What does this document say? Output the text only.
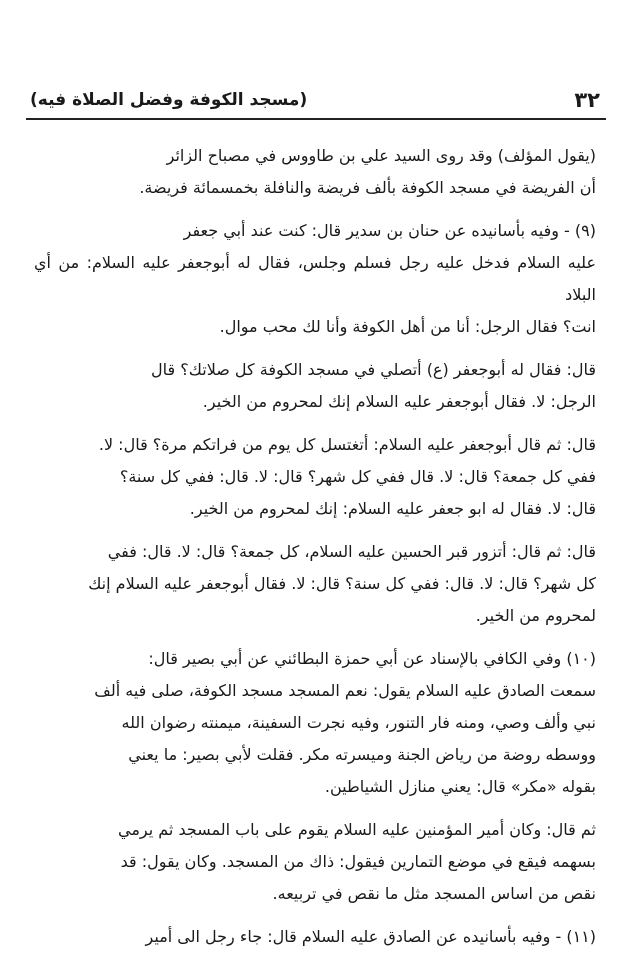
٣٢
(مسجد الكوفة وفضل الصلاة فيه)

(يقول المؤلف) وقد روى السيد علي بن طاووس في مصباح الزائر
أن الفريضة في مسجد الكوفة بألف فريضة والنافلة بخمسمائة فريضة.

(٩) - وفيه بأسانيده عن حنان بن سدير قال: كنت عند أبي جعفر
عليه السلام فدخل عليه رجل فسلم وجلس، فقال له أبوجعفر عليه السلام: من أي البلاد
انت؟ فقال الرجل: أنا من أهل الكوفة وأنا لك محب موال.

قال: فقال له أبوجعفر (ع) أتصلي في مسجد الكوفة كل صلاتك؟ قال
الرجل: لا. فقال أبوجعفر عليه السلام إنك لمحروم من الخير.

قال: ثم قال أبوجعفر عليه السلام: أتغتسل كل يوم من فراتكم مرة؟ قال: لا.
ففي كل جمعة؟ قال: لا. قال ففي كل شهر؟ قال: لا. قال: ففي كل سنة؟
قال: لا. فقال له ابو جعفر عليه السلام: إنك لمحروم من الخير.

قال: ثم قال: أتزور قبر الحسين عليه السلام، كل جمعة؟ قال: لا. قال: ففي
كل شهر؟ قال: لا. قال: ففي كل سنة؟ قال: لا. فقال أبوجعفر عليه السلام إنك
لمحروم من الخير.

(١٠) وفي الكافي بالإسناد عن أبي حمزة البطائني عن أبي بصير قال:
سمعت الصادق عليه السلام يقول: نعم المسجد مسجد الكوفة، صلى فيه ألف
نبي وألف وصي، ومنه فار التنور، وفيه نجرت السفينة، ميمنته رضوان الله
ووسطه روضة من رياض الجنة وميسرته مكر. فقلت لأبي بصير: ما يعني
بقوله «مكر» قال: يعني منازل الشياطين.

ثم قال: وكان أمير المؤمنين عليه السلام يقوم على باب المسجد ثم يرمي
بسهمه فيقع في موضع التمارين فيقول: ذاك من المسجد. وكان يقول: قد
نقص من اساس المسجد مثل ما نقص في تربيعه.

(١١) - وفيه بأسانيده عن الصادق عليه السلام قال: جاء رجل الى أمير
